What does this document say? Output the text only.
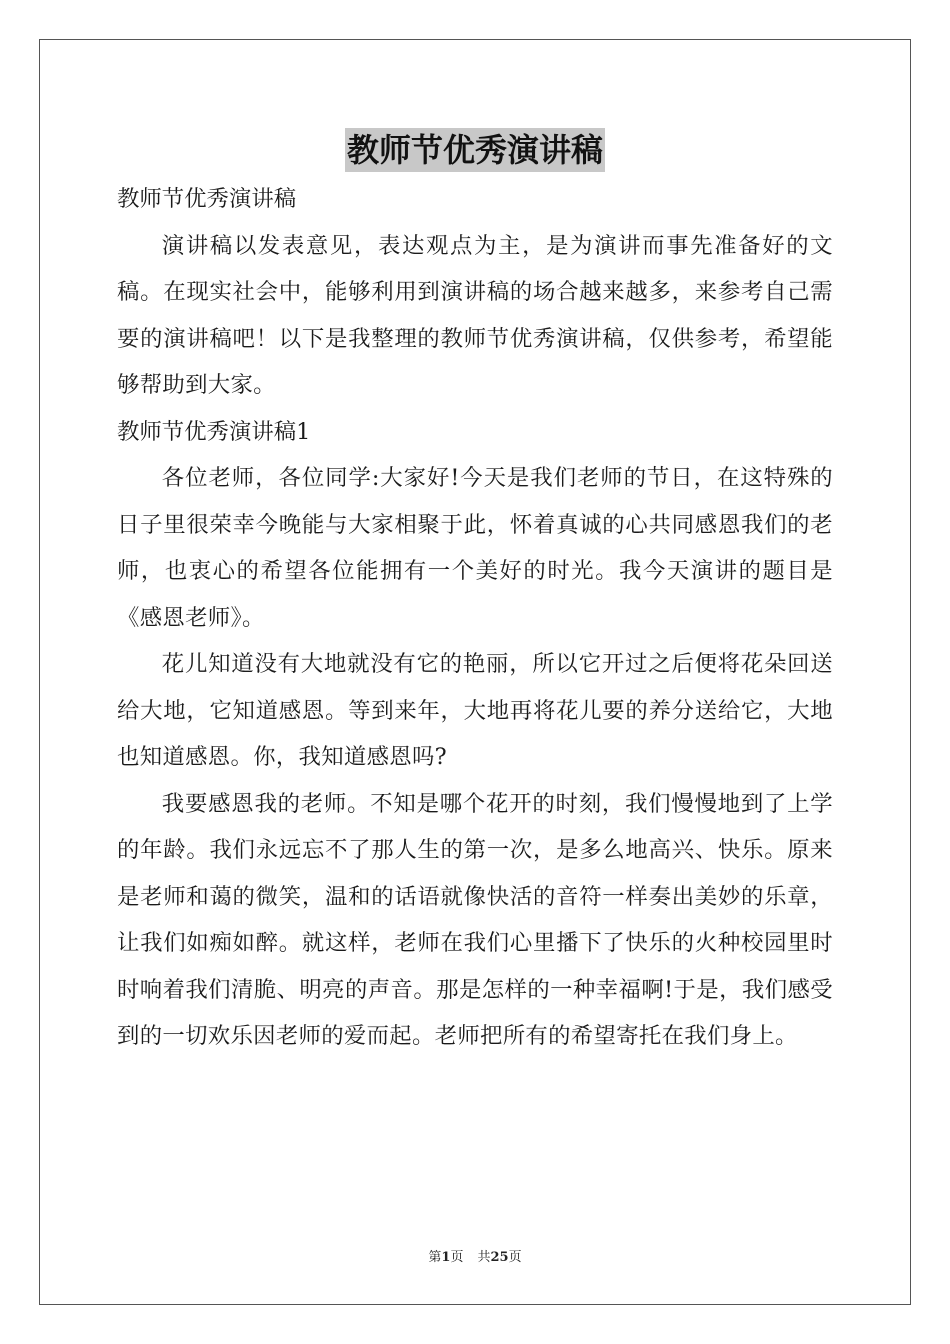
教师节优秀演讲稿

教师节优秀演讲稿

演讲稿以发表意见，表达观点为主，是为演讲而事先准备好的文稿。在现实社会中，能够利用到演讲稿的场合越来越多，来参考自己需要的演讲稿吧！以下是我整理的教师节优秀演讲稿，仅供参考，希望能够帮助到大家。

教师节优秀演讲稿1

各位老师，各位同学:大家好!今天是我们老师的节日，在这特殊的日子里很荣幸今晚能与大家相聚于此，怀着真诚的心共同感恩我们的老师，也衷心的希望各位能拥有一个美好的时光。我今天演讲的题目是《感恩老师》。

花儿知道没有大地就没有它的艳丽，所以它开过之后便将花朵回送给大地，它知道感恩。等到来年，大地再将花儿要的养分送给它，大地也知道感恩。你，我知道感恩吗?

我要感恩我的老师。不知是哪个花开的时刻，我们慢慢地到了上学的年龄。我们永远忘不了那人生的第一次，是多么地高兴、快乐。原来是老师和蔼的微笑，温和的话语就像快活的音符一样奏出美妙的乐章，让我们如痴如醉。就这样，老师在我们心里播下了快乐的火种校园里时时响着我们清脆、明亮的声音。那是怎样的一种幸福啊!于是，我们感受到的一切欢乐因老师的爱而起。老师把所有的希望寄托在我们身上。

第1页 共25页
